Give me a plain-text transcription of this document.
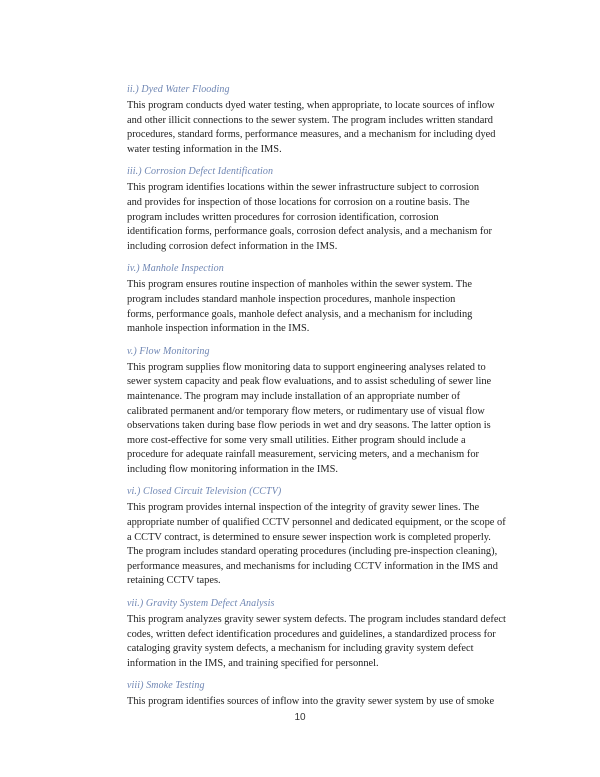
ii.) Dyed Water Flooding

This program conducts dyed water testing, when appropriate, to locate sources of inflow
and other illicit connections to the sewer system. The program includes written standard
procedures, standard forms, performance measures, and a mechanism for including dyed
water testing information in the IMS.

iii.) Corrosion Defect Identification

This program identifies locations within the sewer infrastructure subject to corrosion
and provides for inspection of those locations for corrosion on a routine basis. The
program includes written procedures for corrosion identification, corrosion
identification forms, performance goals, corrosion defect analysis, and a mechanism for
including corrosion defect information in the IMS.

iv.) Manhole Inspection

This program ensures routine inspection of manholes within the sewer system. The
program includes standard manhole inspection procedures, manhole inspection
forms, performance goals, manhole defect analysis, and a mechanism for including
manhole inspection information in the IMS.

v.) Flow Monitoring

This program supplies flow monitoring data to support engineering analyses related to
sewer system capacity and peak flow evaluations, and to assist scheduling of sewer line
maintenance. The program may include installation of an appropriate number of
calibrated permanent and/or temporary flow meters, or rudimentary use of visual flow
observations taken during base flow periods in wet and dry seasons. The latter option is
more cost-effective for some very small utilities. Either program should include a
procedure for adequate rainfall measurement, servicing meters, and a mechanism for
including flow monitoring information in the IMS.

vi.) Closed Circuit Television (CCTV)

This program provides internal inspection of the integrity of gravity sewer lines. The
appropriate number of qualified CCTV personnel and dedicated equipment, or the scope of
a CCTV contract, is determined to ensure sewer inspection work is completed properly.
The program includes standard operating procedures (including pre-inspection cleaning),
performance measures, and mechanisms for including CCTV information in the IMS and
retaining CCTV tapes.

vii.) Gravity System Defect Analysis

This program analyzes gravity sewer system defects. The program includes standard defect
codes, written defect identification procedures and guidelines, a standardized process for
cataloging gravity system defects, a mechanism for including gravity system defect
information in the IMS, and training specified for personnel.

viii) Smoke Testing

This program identifies sources of inflow into the gravity sewer system by use of smoke

10
